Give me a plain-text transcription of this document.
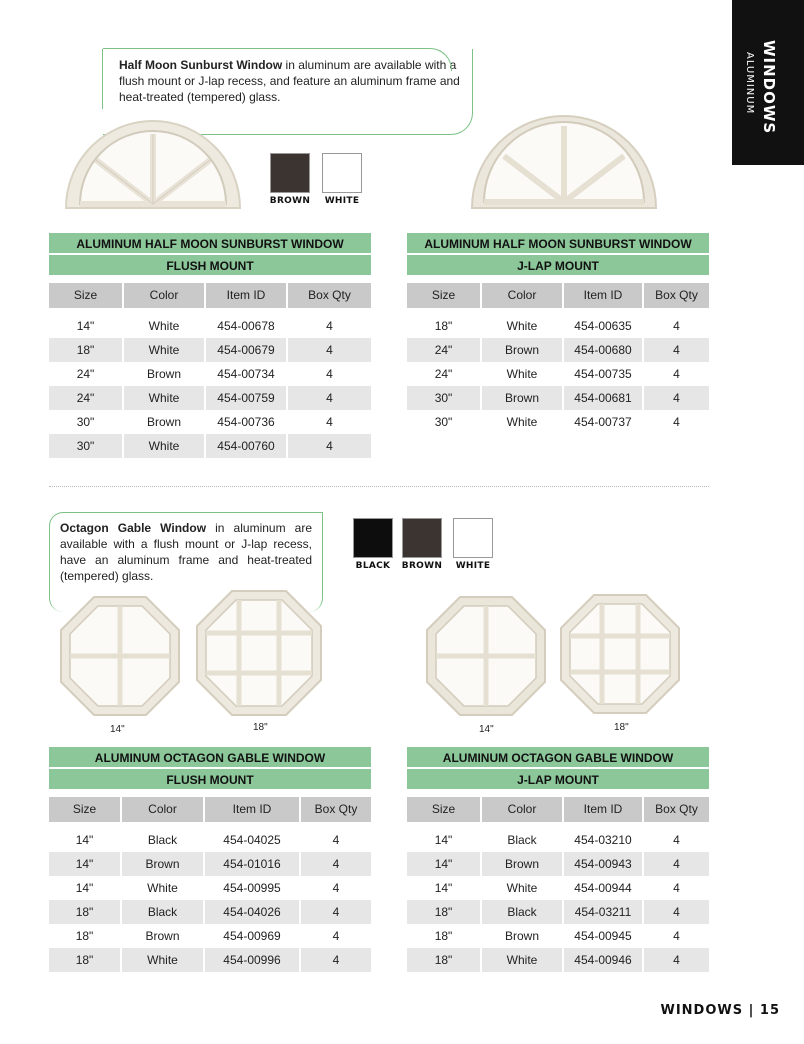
WINDOWS
ALUMINUM
Half Moon Sunburst Window in aluminum are available with a flush mount or J-lap recess, and feature an aluminum frame and heat-treated (tempered) glass.
BROWN	WHITE
ALUMINUM HALF MOON SUNBURST WINDOW
FLUSH MOUNT
Size	Color	Item ID	Box Qty
14"	White	454-00678	4
18"	White	454-00679	4
24"	Brown	454-00734	4
24"	White	454-00759	4
30"	Brown	454-00736	4
30"	White	454-00760	4
ALUMINUM HALF MOON SUNBURST WINDOW
J-LAP MOUNT
Size	Color	Item ID	Box Qty
18"	White	454-00635	4
24"	Brown	454-00680	4
24"	White	454-00735	4
30"	Brown	454-00681	4
30"	White	454-00737	4
Octagon Gable Window in aluminum are available with a flush mount or J-lap recess, have an aluminum frame and heat-treated (tempered) glass.
BLACK	BROWN	WHITE
14"	18"	14"	18"
ALUMINUM OCTAGON GABLE WINDOW
FLUSH MOUNT
Size	Color	Item ID	Box Qty
14"	Black	454-04025	4
14"	Brown	454-01016	4
14"	White	454-00995	4
18"	Black	454-04026	4
18"	Brown	454-00969	4
18"	White	454-00996	4
ALUMINUM OCTAGON GABLE WINDOW
J-LAP MOUNT
Size	Color	Item ID	Box Qty
14"	Black	454-03210	4
14"	Brown	454-00943	4
14"	White	454-00944	4
18"	Black	454-03211	4
18"	Brown	454-00945	4
18"	White	454-00946	4
WINDOWS | 15
